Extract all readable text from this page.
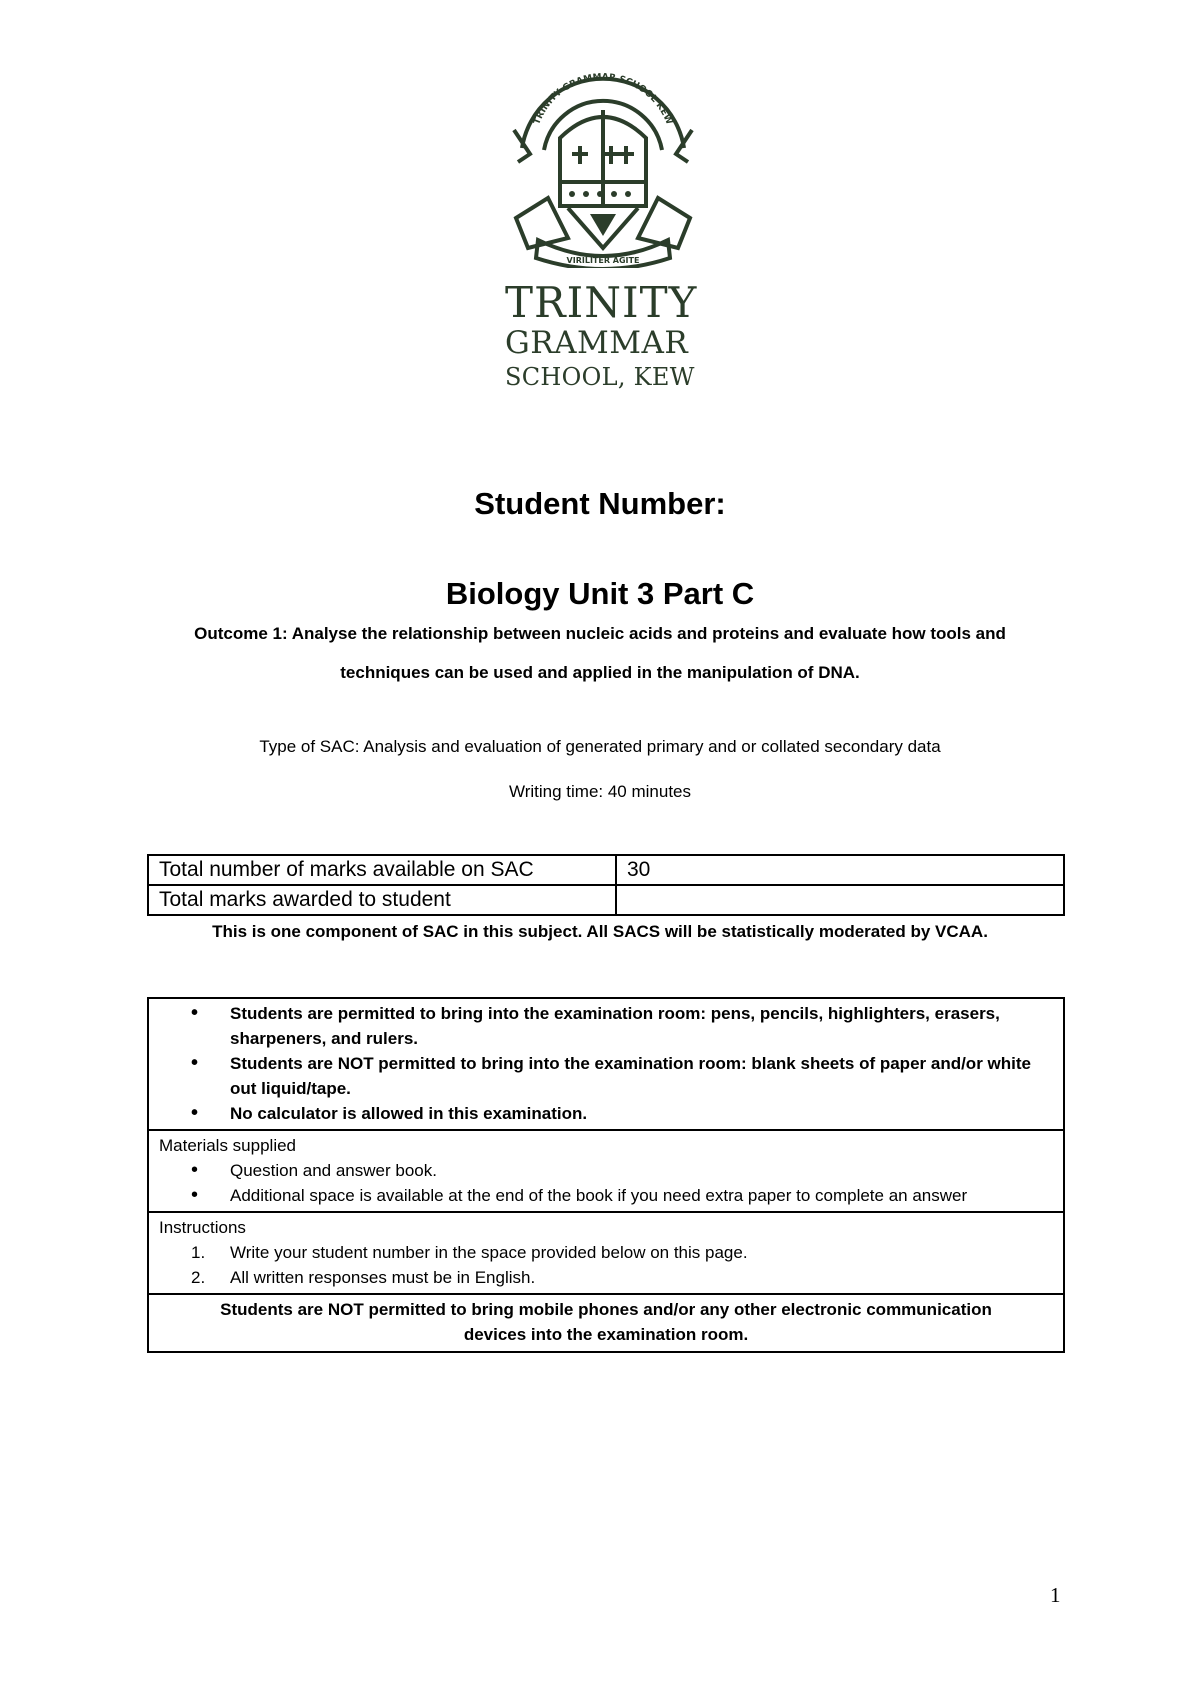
TRINITY GRAMMAR SCHOOL KEW
VIRILITER AGITE
TRINITY
GRAMMAR
SCHOOL, KEW
Student Number:
Biology Unit 3 Part C
Outcome 1: Analyse the relationship between nucleic acids and proteins and evaluate how tools and techniques can be used and applied in the manipulation of DNA.
Type of SAC: Analysis and evaluation of generated primary and or collated secondary data
Writing time: 40 minutes
Total number of marks available on SAC	30
Total marks awarded to student	
This is one component of SAC in this subject. All SACS will be statistically moderated by VCAA.
• Students are permitted to bring into the examination room: pens, pencils, highlighters, erasers, sharpeners, and rulers.
• Students are NOT permitted to bring into the examination room: blank sheets of paper and/or white out liquid/tape.
• No calculator is allowed in this examination.
Materials supplied
• Question and answer book.
• Additional space is available at the end of the book if you need extra paper to complete an answer
Instructions
1. Write your student number in the space provided below on this page.
2. All written responses must be in English.
Students are NOT permitted to bring mobile phones and/or any other electronic communication devices into the examination room.
1
